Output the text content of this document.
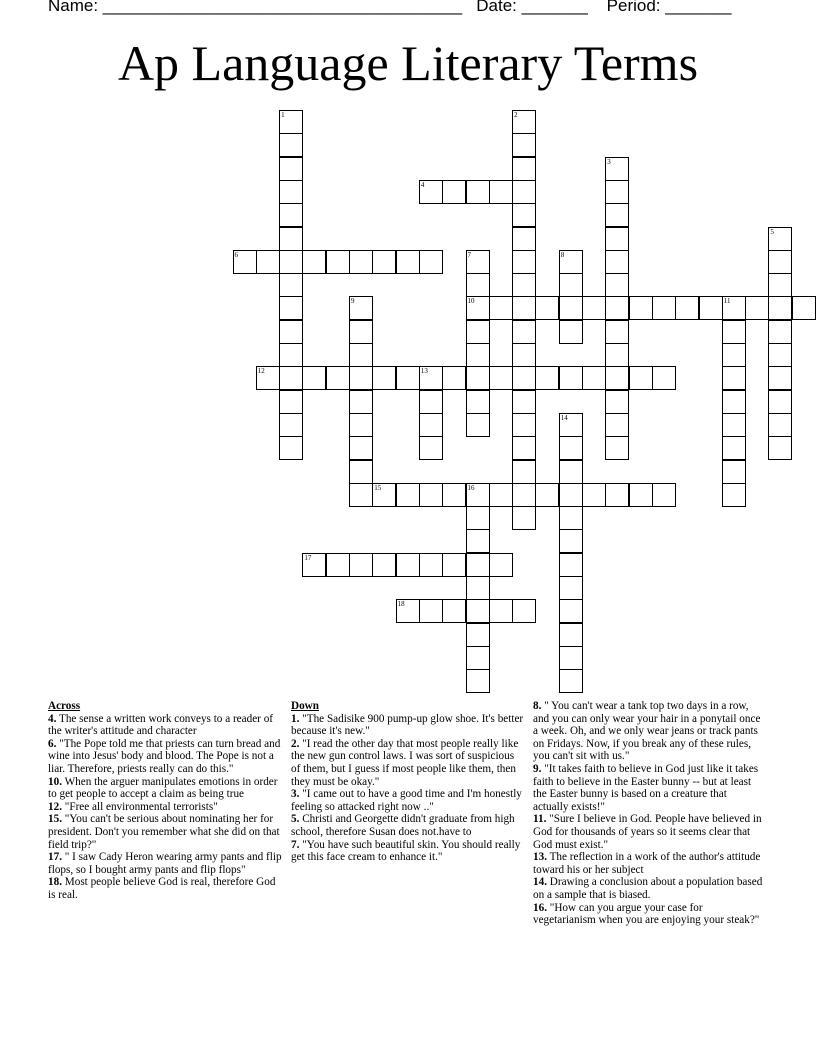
Name: ______________________________________   Date: _______    Period: _______
Ap Language Literary Terms
1	2
3
4
5
6	7
10
8
9	11
12	13
14
15	16
17
18
Across
4. The sense a written work conveys to a reader of the writer's attitude and character
6. "The Pope told me that priests can turn bread and wine into Jesus' body and blood. The Pope is not a liar. Therefore, priests really can do this."
10. When the arguer manipulates emotions in order to get people to accept a claim as being true
12. "Free all environmental terrorists"
15. "You can't be serious about nominating her for president. Don't you remember what she did on that field trip?"
17. " I saw Cady Heron wearing army pants and flip flops, so I bought army pants and flip flops"
18. Most people believe God is real, therefore God is real.
Down
1. "The Sadisike 900 pump-up glow shoe. It's better because it's new."
2. "I read the other day that most people really like the new gun control laws. I was sort of suspicious of them, but I guess if most people like them, then they must be okay."
3. "I came out to have a good time and I'm honestly feeling so attacked right now .."
5. Christi and Georgette didn't graduate from high school, therefore Susan does not.have to
7. "You have such beautiful skin. You should really get this face cream to enhance it."
8. " You can't wear a tank top two days in a row, and you can only wear your hair in a ponytail once a week. Oh, and we only wear jeans or track pants on Fridays. Now, if you break any of these rules, you can't sit with us."
9. "It takes faith to believe in God just like it takes faith to believe in the Easter bunny -- but at least the Easter bunny is based on a creature that actually exists!"
11. "Sure I believe in God. People have believed in God for thousands of years so it seems clear that God must exist."
13. The reflection in a work of the author's attitude toward his or her subject
14. Drawing a conclusion about a population based on a sample that is biased.
16. "How can you argue your case for vegetarianism when you are enjoying your steak?"
